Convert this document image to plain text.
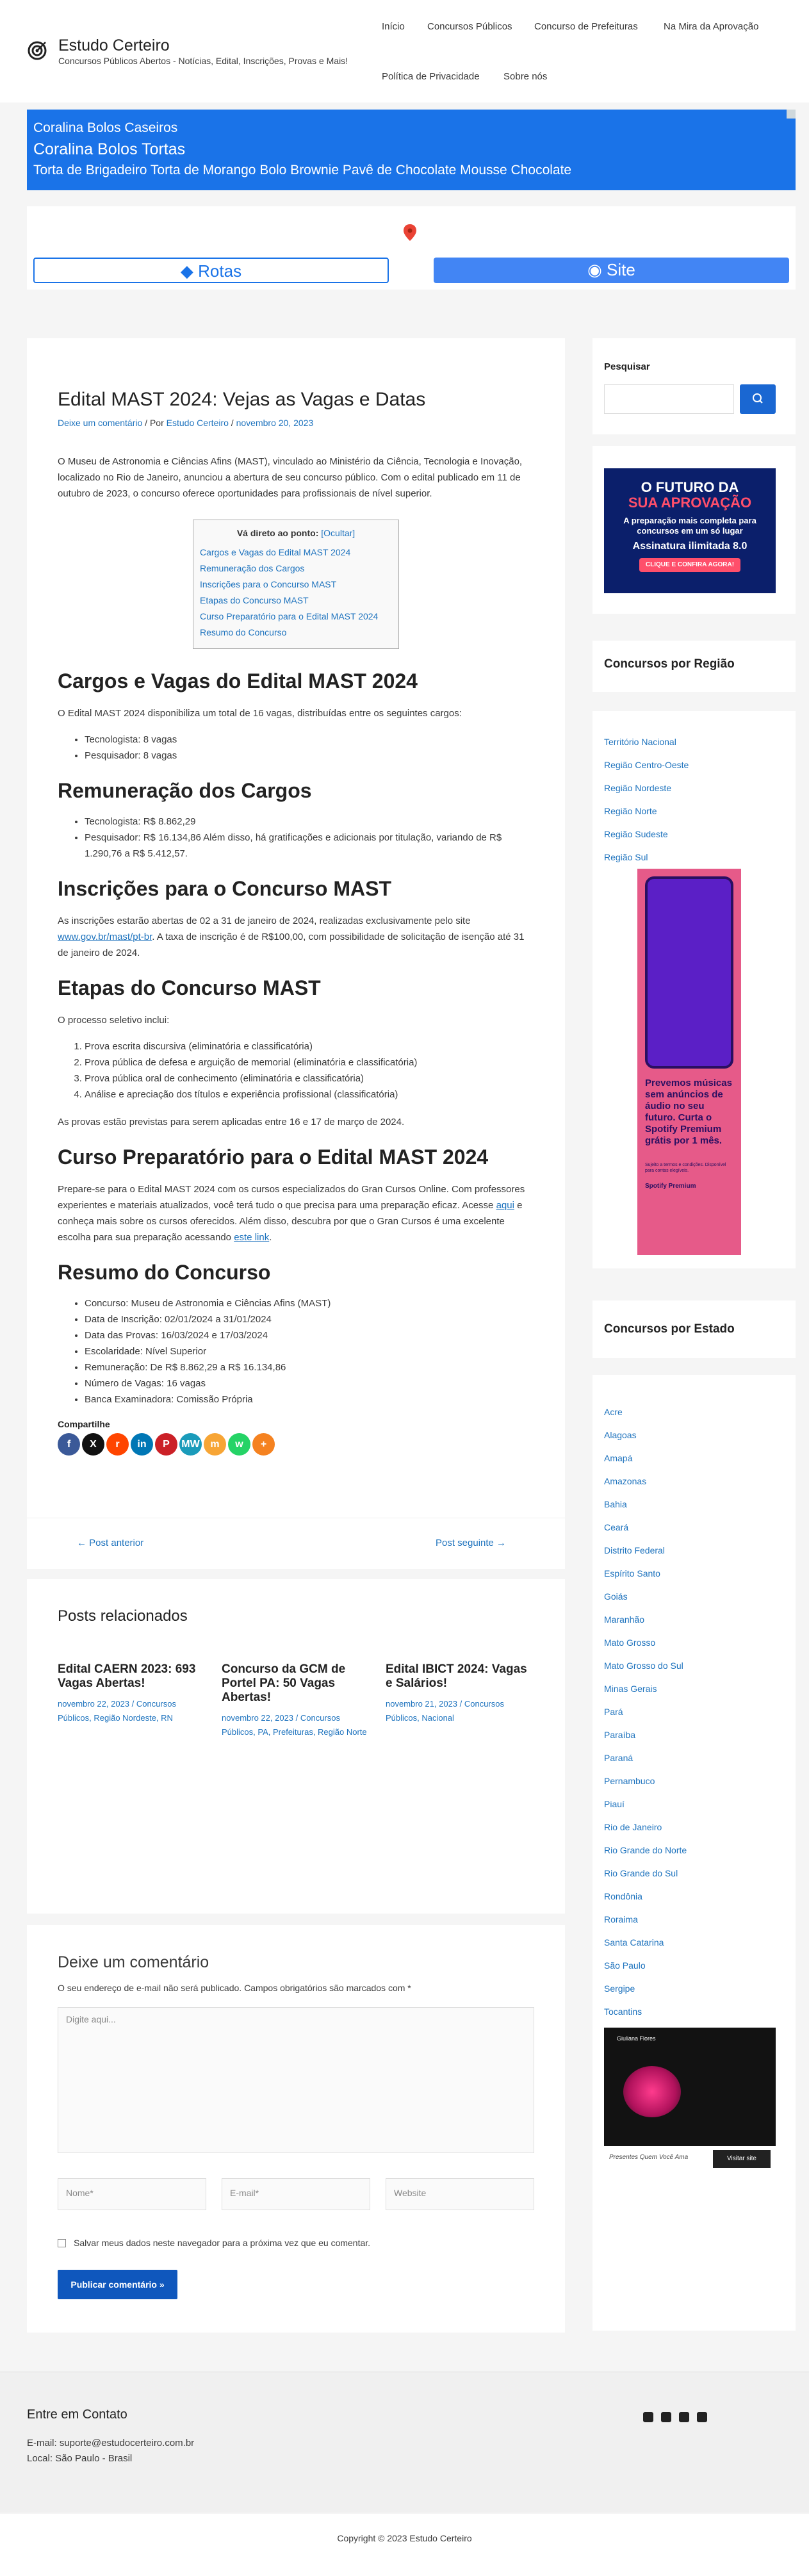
Estudo Certeiro
Concursos Públicos Abertos - Notícias, Edital, Inscrições, Provas e Mais!
Início Concursos Públicos Concurso de Prefeituras	Na Mira da Aprovação
Política de Privacidade Sobre nós
Coralina Bolos Caseiros
Coralina Bolos Tortas
Torta de Brigadeiro Torta de Morango Bolo Brownie Pavê de Chocolate Mousse Chocolate
◆ Rotas	◉ Site
Edital MAST 2024: Vejas as Vagas e Datas
Deixe um comentário / Por Estudo Certeiro / novembro 20, 2023

O Museu de Astronomia e Ciências Afins (MAST), vinculado ao Ministério da Ciência, Tecnologia e Inovação, localizado no Rio de Janeiro, anunciou a abertura de seu concurso público. Com o edital publicado em 11 de outubro de 2023, o concurso oferece oportunidades para profissionais de nível superior.

Vá direto ao ponto: [Ocultar]
Cargos e Vagas do Edital MAST 2024
Remuneração dos Cargos
Inscrições para o Concurso MAST
Etapas do Concurso MAST
Curso Preparatório para o Edital MAST 2024
Resumo do Concurso
Cargos e Vagas do Edital MAST 2024

O Edital MAST 2024 disponibiliza um total de 16 vagas, distribuídas entre os seguintes cargos:

• Tecnologista: 8 vagas
• Pesquisador: 8 vagas
Remuneração dos Cargos
• Tecnologista: R$ 8.862,29
• Pesquisador: R$ 16.134,86 Além disso, há gratificações e adicionais por titulação, variando de R$ 1.290,76 a R$ 5.412,57.
Inscrições para o Concurso MAST

As inscrições estarão abertas de 02 a 31 de janeiro de 2024, realizadas exclusivamente pelo site www.gov.br/mast/pt-br. A taxa de inscrição é de R$100,00, com possibilidade de solicitação de isenção até 31 de janeiro de 2024.

Etapas do Concurso MAST

O processo seletivo inclui:

1. Prova escrita discursiva (eliminatória e classificatória)
2. Prova pública de defesa e arguição de memorial (eliminatória e classificatória)
3. Prova pública oral de conhecimento (eliminatória e classificatória)
4. Análise e apreciação dos títulos e experiência profissional (classificatória)

As provas estão previstas para serem aplicadas entre 16 e 17 de março de 2024.

Curso Preparatório para o Edital MAST 2024

Prepare-se para o Edital MAST 2024 com os cursos especializados do Gran Cursos Online. Com professores experientes e materiais atualizados, você terá tudo o que precisa para uma preparação eficaz. Acesse aqui e conheça mais sobre os cursos oferecidos. Além disso, descubra por que o Gran Cursos é uma excelente escolha para sua preparação acessando este link.

Resumo do Concurso
• Concurso: Museu de Astronomia e Ciências Afins (MAST)
• Data de Inscrição: 02/01/2024 a 31/01/2024
• Data das Provas: 16/03/2024 e 17/03/2024
• Escolaridade: Nível Superior
• Remuneração: De R$ 8.862,29 a R$ 16.134,86
• Número de Vagas: 16 vagas
• Banca Examinadora: Comissão Própria
Compartilhe
f	X	r	in	P	MW	m	w	+
← Post anterior	Post seguinte →
Posts relacionados
Edital CAERN 2023: 693 Vagas Abertas!
novembro 22, 2023 / Concursos Públicos, Região Nordeste, RN
Concurso da GCM de Portel PA: 50 Vagas Abertas!
novembro 22, 2023 / Concursos Públicos, PA, Prefeituras, Região Norte
Edital IBICT 2024: Vagas e Salários!
novembro 21, 2023 / Concursos Públicos, Nacional
Deixe um comentário
O seu endereço de e-mail não será publicado. Campos obrigatórios são marcados com *
Digite aqui...
Nome*	E-mail*	Website
Salvar meus dados neste navegador para a próxima vez que eu comentar.
Publicar comentário »
Pesquisar
O FUTURO DA
SUA APROVAÇÃO
A preparação mais completa para concursos em um só lugar
Assinatura ilimitada 8.0
CLIQUE E CONFIRA AGORA!
Concursos por Região
Território Nacional
Região Centro-Oeste
Região Nordeste
Região Norte
Região Sudeste
Região Sul
Prevemos músicas sem anúncios de áudio no seu futuro. Curta o Spotify Premium grátis por 1 mês.
Sujeito a termos e condições. Disponível para contas elegíveis.
Spotify Premium
Concursos por Estado
Acre
Alagoas
Amapá
Amazonas
Bahia
Ceará
Distrito Federal
Espírito Santo
Goiás
Maranhão
Mato Grosso
Mato Grosso do Sul
Minas Gerais
Pará
Paraíba
Paraná
Pernambuco
Piauí
Rio de Janeiro
Rio Grande do Norte
Rio Grande do Sul
Rondônia
Roraima
Santa Catarina
São Paulo
Sergipe
Tocantins
Giuliana Flores
Presentes Quem Você Ama	Visitar site
Entre em Contato
E-mail: suporte@estudocerteiro.com.br
Local: São Paulo - Brasil
Copyright © 2023 Estudo Certeiro
